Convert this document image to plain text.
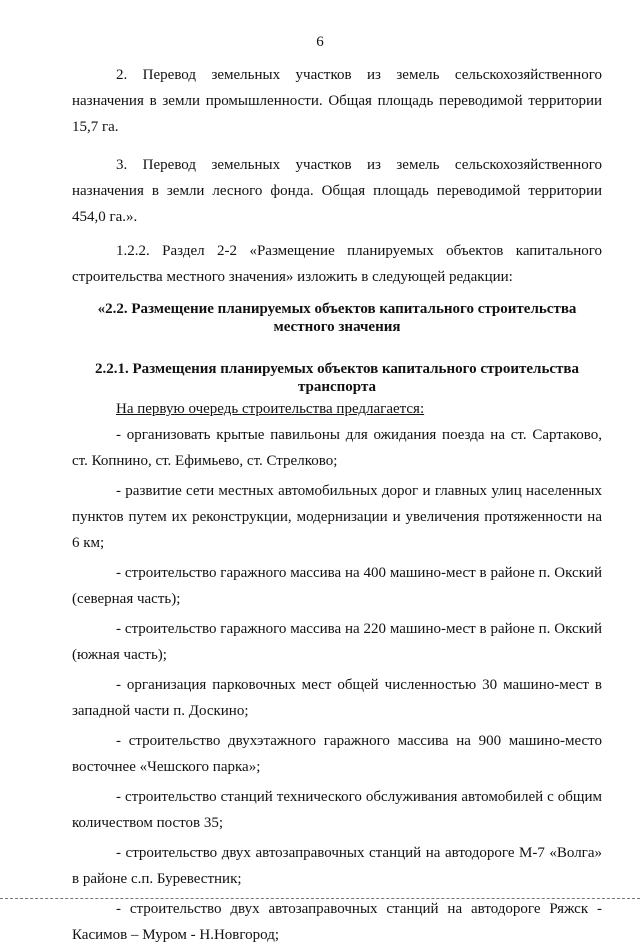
6

2. Перевод земельных участков из земель сельскохозяйственного назначения в земли промышленности. Общая площадь переводимой территории 15,7 га.

3. Перевод земельных участков из земель сельскохозяйственного назначения в земли лесного фонда. Общая площадь переводимой территории 454,0 га.».

1.2.2. Раздел 2-2 «Размещение планируемых объектов капитального строительства местного значения» изложить в следующей редакции:

«2.2. Размещение планируемых объектов капитального строительства местного значения

2.2.1. Размещения планируемых объектов капитального строительства транспорта

На первую очередь строительства предлагается:

- организовать крытые павильоны для ожидания поезда на ст. Сартаково, ст. Копнино, ст. Ефимьево, ст. Стрелково;

- развитие сети местных автомобильных дорог и главных улиц населенных пунктов путем их реконструкции, модернизации и увеличения протяженности на 6 км;

- строительство гаражного массива на 400 машино-мест в районе п. Окский (северная часть);

- строительство гаражного массива на 220 машино-мест в районе п. Окский (южная часть);

- организация парковочных мест общей численностью 30 машино-мест в западной части п. Доскино;

- строительство двухэтажного гаражного массива на 900 машино-место восточнее «Чешского парка»;

- строительство станций технического обслуживания автомобилей с общим количеством постов 35;

- строительство двух автозаправочных станций на автодороге М-7 «Волга» в районе с.п. Буревестник;

- строительство двух автозаправочных станций на автодороге Ряжск - Касимов – Муром - Н.Новгород;
